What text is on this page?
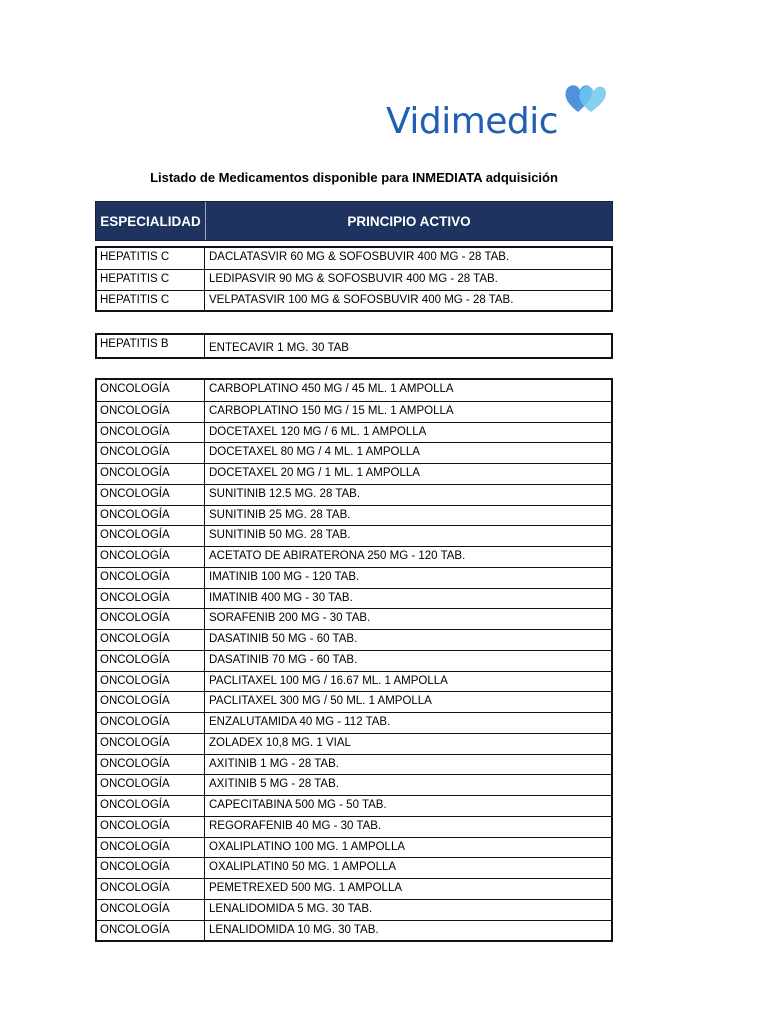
Vidimedic
Listado de Medicamentos disponible para INMEDIATA adquisición
ESPECIALIDAD	PRINCIPIO ACTIVO
HEPATITIS C	DACLATASVIR 60 MG & SOFOSBUVIR 400 MG - 28 TAB.
HEPATITIS C	LEDIPASVIR 90 MG & SOFOSBUVIR 400 MG - 28 TAB.
HEPATITIS C	VELPATASVIR 100 MG & SOFOSBUVIR 400 MG - 28 TAB.
HEPATITIS B	ENTECAVIR 1 MG. 30 TAB
ONCOLOGÍA	CARBOPLATINO 450 MG / 45 ML. 1 AMPOLLA
ONCOLOGÍA	CARBOPLATINO 150 MG / 15 ML. 1 AMPOLLA
ONCOLOGÍA	DOCETAXEL 120 MG / 6 ML. 1 AMPOLLA
ONCOLOGÍA	DOCETAXEL 80 MG / 4 ML. 1 AMPOLLA
ONCOLOGÍA	DOCETAXEL 20 MG / 1 ML. 1 AMPOLLA
ONCOLOGÍA	SUNITINIB 12.5 MG. 28 TAB.
ONCOLOGÍA	SUNITINIB 25 MG. 28 TAB.
ONCOLOGÍA	SUNITINIB 50 MG. 28 TAB.
ONCOLOGÍA	ACETATO DE ABIRATERONA 250 MG - 120 TAB.
ONCOLOGÍA	IMATINIB 100 MG - 120 TAB.
ONCOLOGÍA	IMATINIB 400 MG - 30 TAB.
ONCOLOGÍA	SORAFENIB 200 MG - 30 TAB.
ONCOLOGÍA	DASATINIB 50 MG - 60 TAB.
ONCOLOGÍA	DASATINIB 70 MG - 60 TAB.
ONCOLOGÍA	PACLITAXEL 100 MG / 16.67 ML. 1 AMPOLLA
ONCOLOGÍA	PACLITAXEL 300 MG / 50 ML. 1 AMPOLLA
ONCOLOGÍA	ENZALUTAMIDA 40 MG - 112 TAB.
ONCOLOGÍA	ZOLADEX 10,8 MG. 1 VIAL
ONCOLOGÍA	AXITINIB 1 MG - 28 TAB.
ONCOLOGÍA	AXITINIB 5 MG - 28 TAB.
ONCOLOGÍA	CAPECITABINA 500 MG - 50 TAB.
ONCOLOGÍA	REGORAFENIB 40 MG - 30 TAB.
ONCOLOGÍA	OXALIPLATINO 100 MG. 1 AMPOLLA
ONCOLOGÍA	OXALIPLATIN0 50 MG. 1 AMPOLLA
ONCOLOGÍA	PEMETREXED 500 MG. 1 AMPOLLA
ONCOLOGÍA	LENALIDOMIDA 5 MG. 30 TAB.
ONCOLOGÍA	LENALIDOMIDA 10 MG. 30 TAB.
